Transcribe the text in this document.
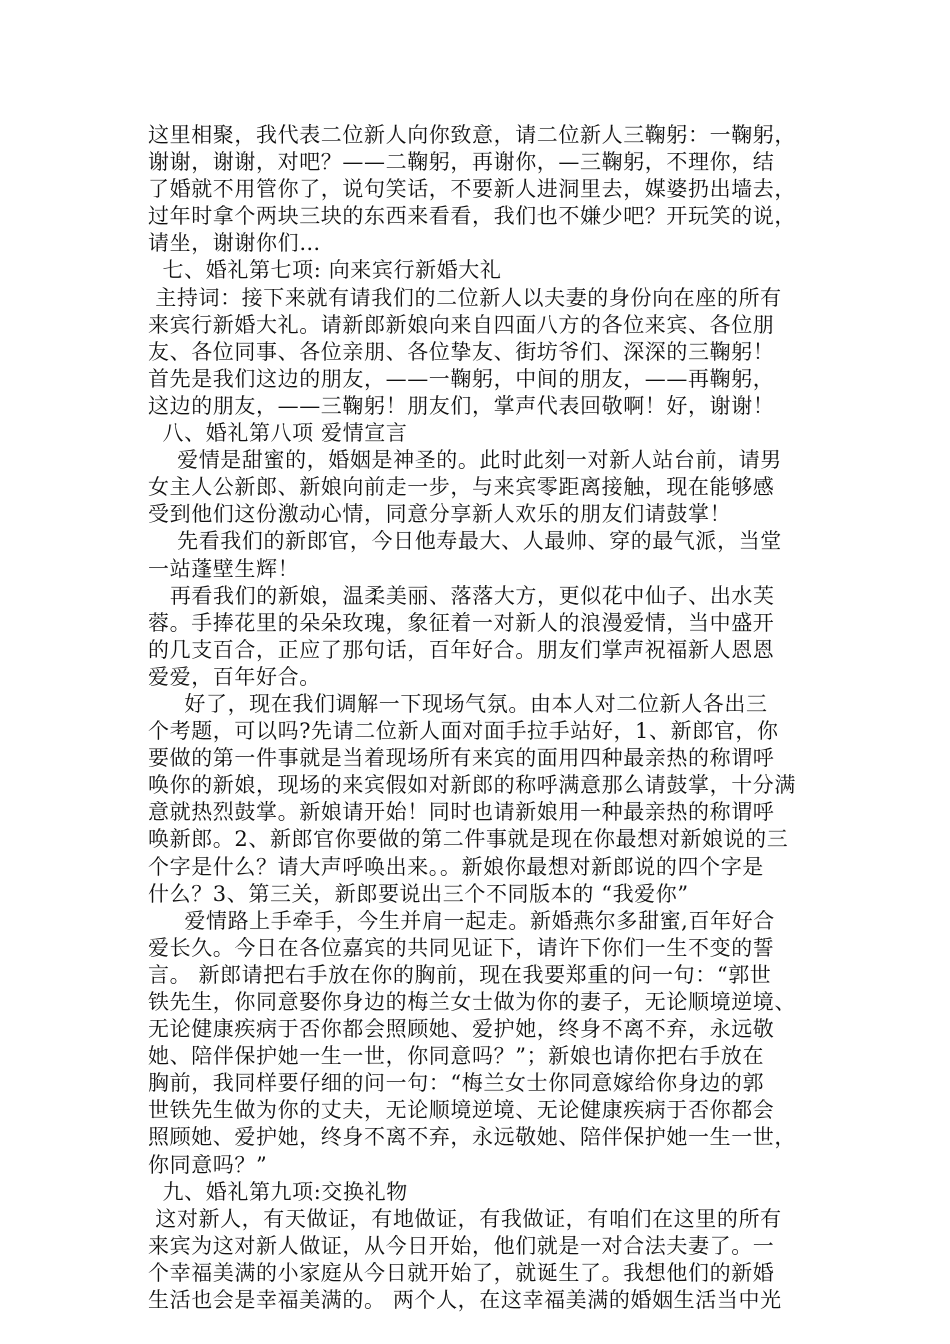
这里相聚，我代表二位新人向你致意，请二位新人三鞠躬：一鞠躬，
谢谢，谢谢，对吧？——二鞠躬，再谢你，—三鞠躬，不理你，结
了婚就不用管你了，说句笑话，不要新人进洞里去，媒婆扔出墙去，
过年时拿个两块三块的东西来看看，我们也不嫌少吧？开玩笑的说，
请坐，谢谢你们…
七、婚礼第七项: 向来宾行新婚大礼
主持词：接下来就有请我们的二位新人以夫妻的身份向在座的所有
来宾行新婚大礼。请新郎新娘向来自四面八方的各位来宾、各位朋
友、各位同事、各位亲朋、各位挚友、街坊爷们、深深的三鞠躬！
首先是我们这边的朋友，——一鞠躬，中间的朋友，——再鞠躬，
这边的朋友，——三鞠躬！朋友们，掌声代表回敬啊！好，谢谢！
八、婚礼第八项 爱情宣言
爱情是甜蜜的，婚姻是神圣的。此时此刻一对新人站台前，请男
女主人公新郎、新娘向前走一步，与来宾零距离接触，现在能够感
受到他们这份激动心情，同意分享新人欢乐的朋友们请鼓掌！
先看我们的新郎官，今日他寿最大、人最帅、穿的最气派，当堂
一站蓬壁生辉！
再看我们的新娘，温柔美丽、落落大方，更似花中仙子、出水芙
蓉。手捧花里的朵朵玫瑰，象征着一对新人的浪漫爱情，当中盛开
的几支百合，正应了那句话，百年好合。朋友们掌声祝福新人恩恩
爱爱，百年好合。
好了，现在我们调解一下现场气氛。由本人对二位新人各出三
个考题，可以吗?先请二位新人面对面手拉手站好，1、新郎官，你
要做的第一件事就是当着现场所有来宾的面用四种最亲热的称谓呼
唤你的新娘，现场的来宾假如对新郎的称呼满意那么请鼓掌，十分满
意就热烈鼓掌。新娘请开始！同时也请新娘用一种最亲热的称谓呼
唤新郎。2、新郎官你要做的第二件事就是现在你最想对新娘说的三
个字是什么？请大声呼唤出来。。新娘你最想对新郎说的四个字是
什么？3、第三关，新郎要说出三个不同版本的 “我爱你”
爱情路上手牵手，今生并肩一起走。新婚燕尔多甜蜜,百年好合
爱长久。今日在各位嘉宾的共同见证下，请许下你们一生不变的誓
言。 新郎请把右手放在你的胸前，现在我要郑重的问一句：“郭世
铁先生，你同意娶你身边的梅兰女士做为你的妻子，无论顺境逆境、
无论健康疾病于否你都会照顾她、爱护她，终身不离不弃，永远敬
她、陪伴保护她一生一世，你同意吗？”；新娘也请你把右手放在
胸前，我同样要仔细的问一句：“梅兰女士你同意嫁给你身边的郭
世铁先生做为你的丈夫，无论顺境逆境、无论健康疾病于否你都会
照顾她、爱护她，终身不离不弃，永远敬她、陪伴保护她一生一世，
你同意吗？”
九、婚礼第九项:交换礼物
这对新人，有天做证，有地做证，有我做证，有咱们在这里的所有
来宾为这对新人做证，从今日开始，他们就是一对合法夫妻了。一
个幸福美满的小家庭从今日就开始了，就诞生了。我想他们的新婚
生活也会是幸福美满的。 两个人，在这幸福美满的婚姻生活当中光
